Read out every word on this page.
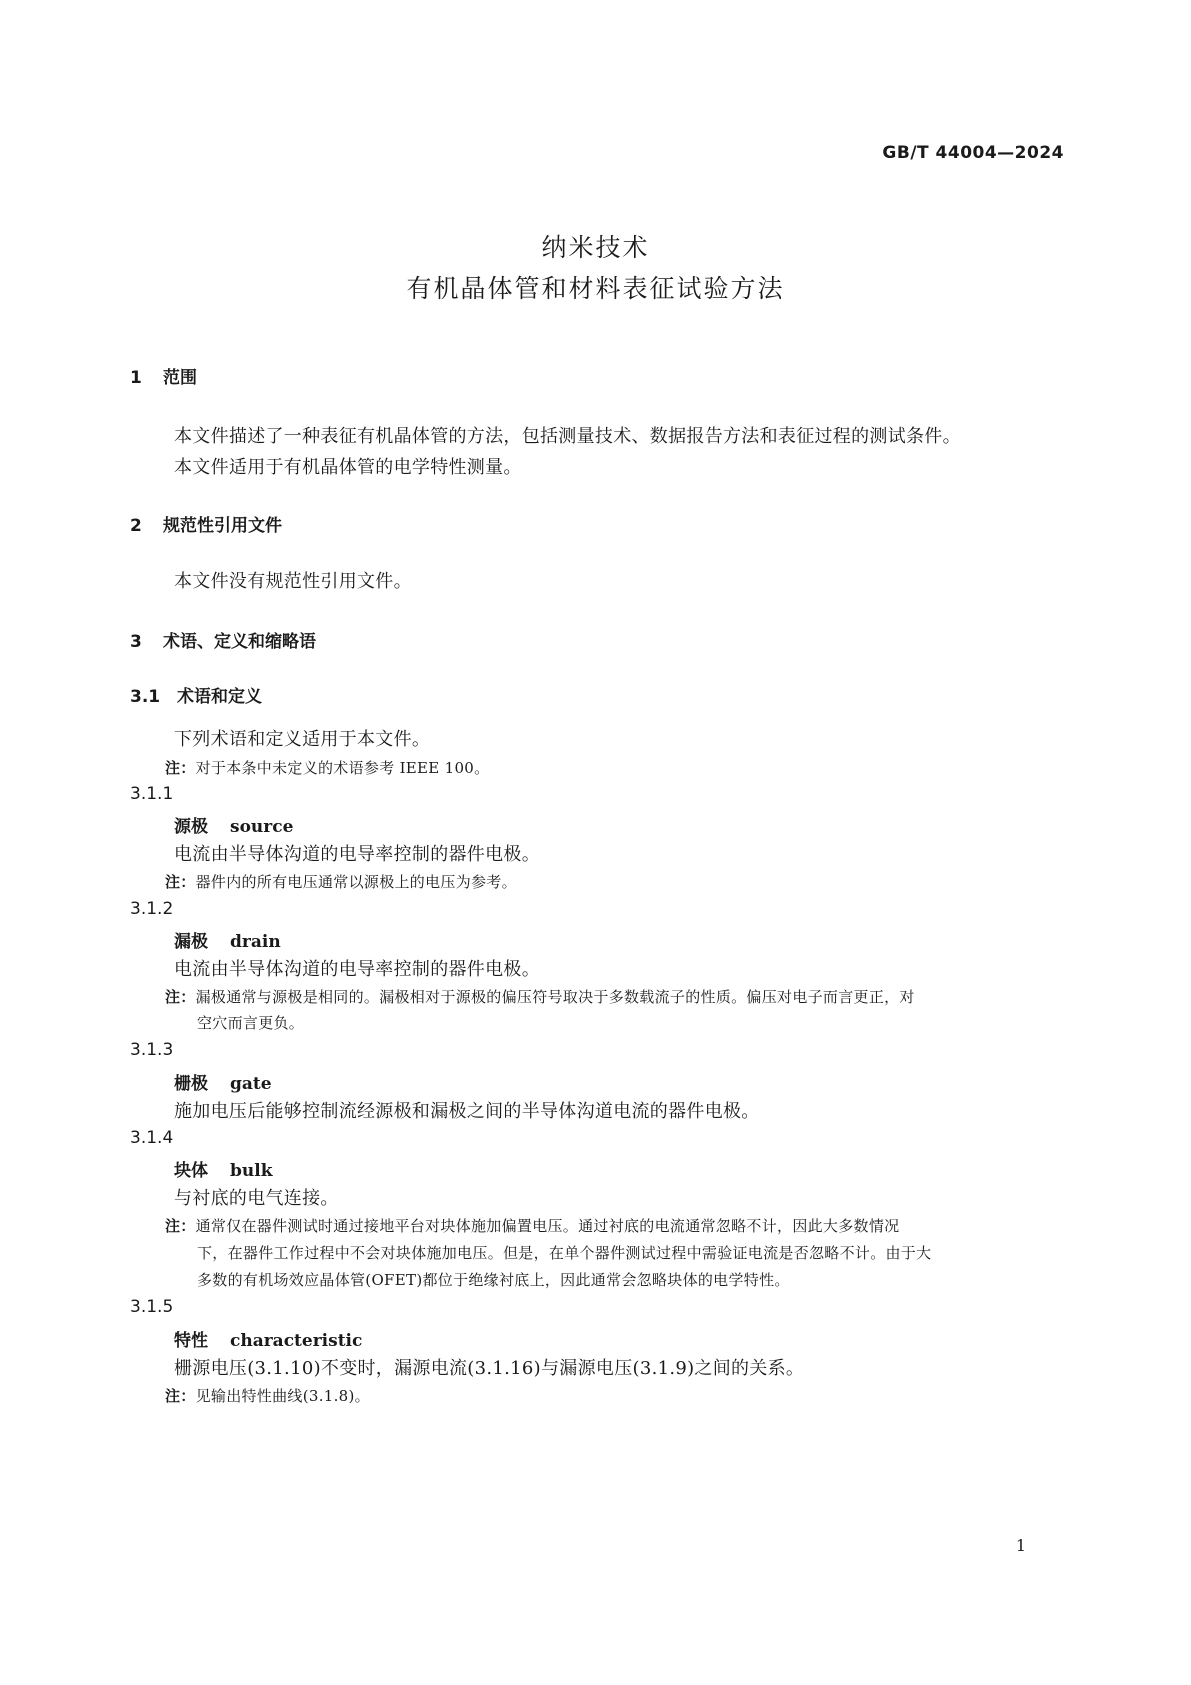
GB/T 44004—2024
纳米技术
有机晶体管和材料表征试验方法
1 范围
本文件描述了一种表征有机晶体管的方法，包括测量技术、数据报告方法和表征过程的测试条件。
本文件适用于有机晶体管的电学特性测量。
2 规范性引用文件
本文件没有规范性引用文件。
3 术语、定义和缩略语
3.1 术语和定义
下列术语和定义适用于本文件。
注：对于本条中未定义的术语参考 IEEE 100。
3.1.1
源极 source
电流由半导体沟道的电导率控制的器件电极。
注：器件内的所有电压通常以源极上的电压为参考。
3.1.2
漏极 drain
电流由半导体沟道的电导率控制的器件电极。
注：漏极通常与源极是相同的。漏极相对于源极的偏压符号取决于多数载流子的性质。偏压对电子而言更正，对
空穴而言更负。
3.1.3
栅极 gate
施加电压后能够控制流经源极和漏极之间的半导体沟道电流的器件电极。
3.1.4
块体 bulk
与衬底的电气连接。
注：通常仅在器件测试时通过接地平台对块体施加偏置电压。通过衬底的电流通常忽略不计，因此大多数情况
下，在器件工作过程中不会对块体施加电压。但是，在单个器件测试过程中需验证电流是否忽略不计。由于大
多数的有机场效应晶体管(OFET)都位于绝缘衬底上，因此通常会忽略块体的电学特性。
3.1.5
特性 characteristic
栅源电压(3.1.10)不变时，漏源电流(3.1.16)与漏源电压(3.1.9)之间的关系。
注：见输出特性曲线(3.1.8)。
1
